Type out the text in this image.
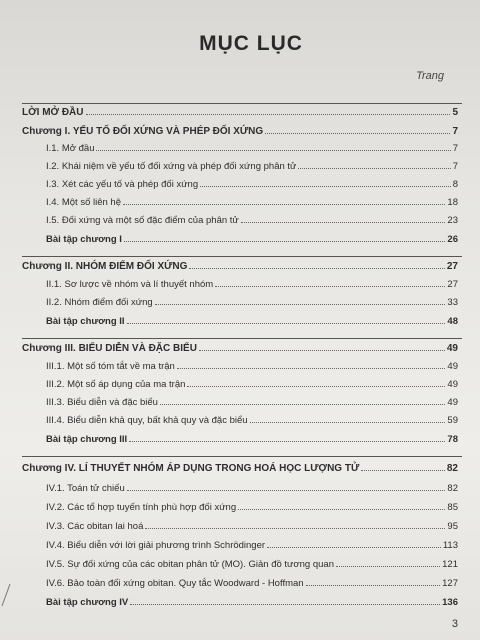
MỤC LỤC
Trang
LỜI MỞ ĐẦU	5
Chương I. YẾU TỐ ĐỐI XỨNG VÀ PHÉP ĐỐI XỨNG	7
I.1. Mở đầu	7
I.2. Khái niệm về yếu tố đối xứng và phép đối xứng phân tử	7
I.3. Xét các yếu tố và phép đối xứng	8
I.4. Một số liên hệ	18
I.5. Đối xứng và một số đặc điểm của phân tử	23
Bài tập chương I	26
Chương II. NHÓM ĐIỂM ĐỐI XỨNG	27
II.1. Sơ lược về nhóm và lí thuyết nhóm	27
II.2. Nhóm điểm đối xứng	33
Bài tập chương II	48
Chương III. BIỂU DIỄN VÀ ĐẶC BIỂU	49
III.1. Một số tóm tắt về ma trận	49
III.2. Một số áp dụng của ma trận	49
III.3. Biểu diễn và đặc biểu	49
III.4. Biểu diễn khả quy, bất khả quy và đặc biểu	59
Bài tập chương III	78
Chương IV. LÍ THUYẾT NHÓM ÁP DỤNG TRONG HOÁ HỌC LƯỢNG TỬ	82
IV.1. Toán tử chiếu	82
IV.2. Các tổ hợp tuyến tính phù hợp đối xứng	85
IV.3. Các obitan lai hoá	95
IV.4. Biểu diễn với lời giải phương trình Schrödinger	113
IV.5. Sự đối xứng của các obitan phân tử (MO). Giản đồ tương quan	121
IV.6. Bảo toàn đối xứng obitan. Quy tắc Woodward - Hoffman	127
Bài tập chương IV	136
3
